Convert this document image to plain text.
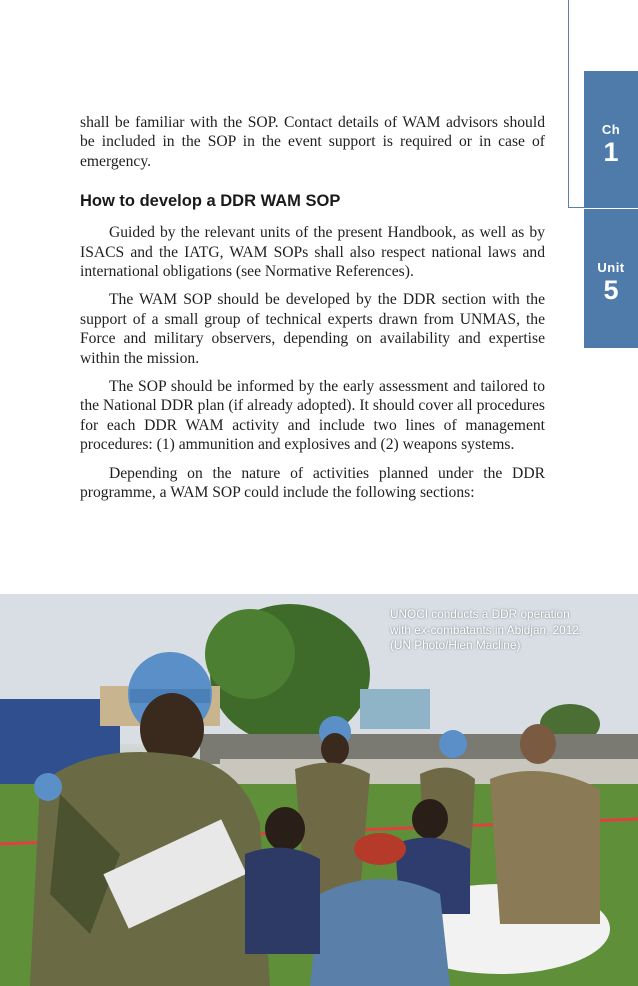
Ch
1
Unit
5

shall be familiar with the SOP. Contact details of WAM advisors should be included in the SOP in the event support is required or in case of emergency.

How to develop a DDR WAM SOP

Guided by the relevant units of the present Handbook, as well as by ISACS and the IATG, WAM SOPs shall also respect national laws and international obligations (see Normative References).

The WAM SOP should be developed by the DDR section with the support of a small group of technical experts drawn from UNMAS, the Force and military observers, depending on availability and expertise within the mission.

The SOP should be informed by the early assessment and tailored to the National DDR plan (if already adopted). It should cover all procedures for each DDR WAM activity and include two lines of management procedures: (1) ammunition and explosives and (2) weapons systems.

Depending on the nature of activities planned under the DDR programme, a WAM SOP could include the following sections:

UNOCI conducts a DDR operation
with ex-combatants in Abidjan, 2012.
(UN Photo/Hien Macline)
